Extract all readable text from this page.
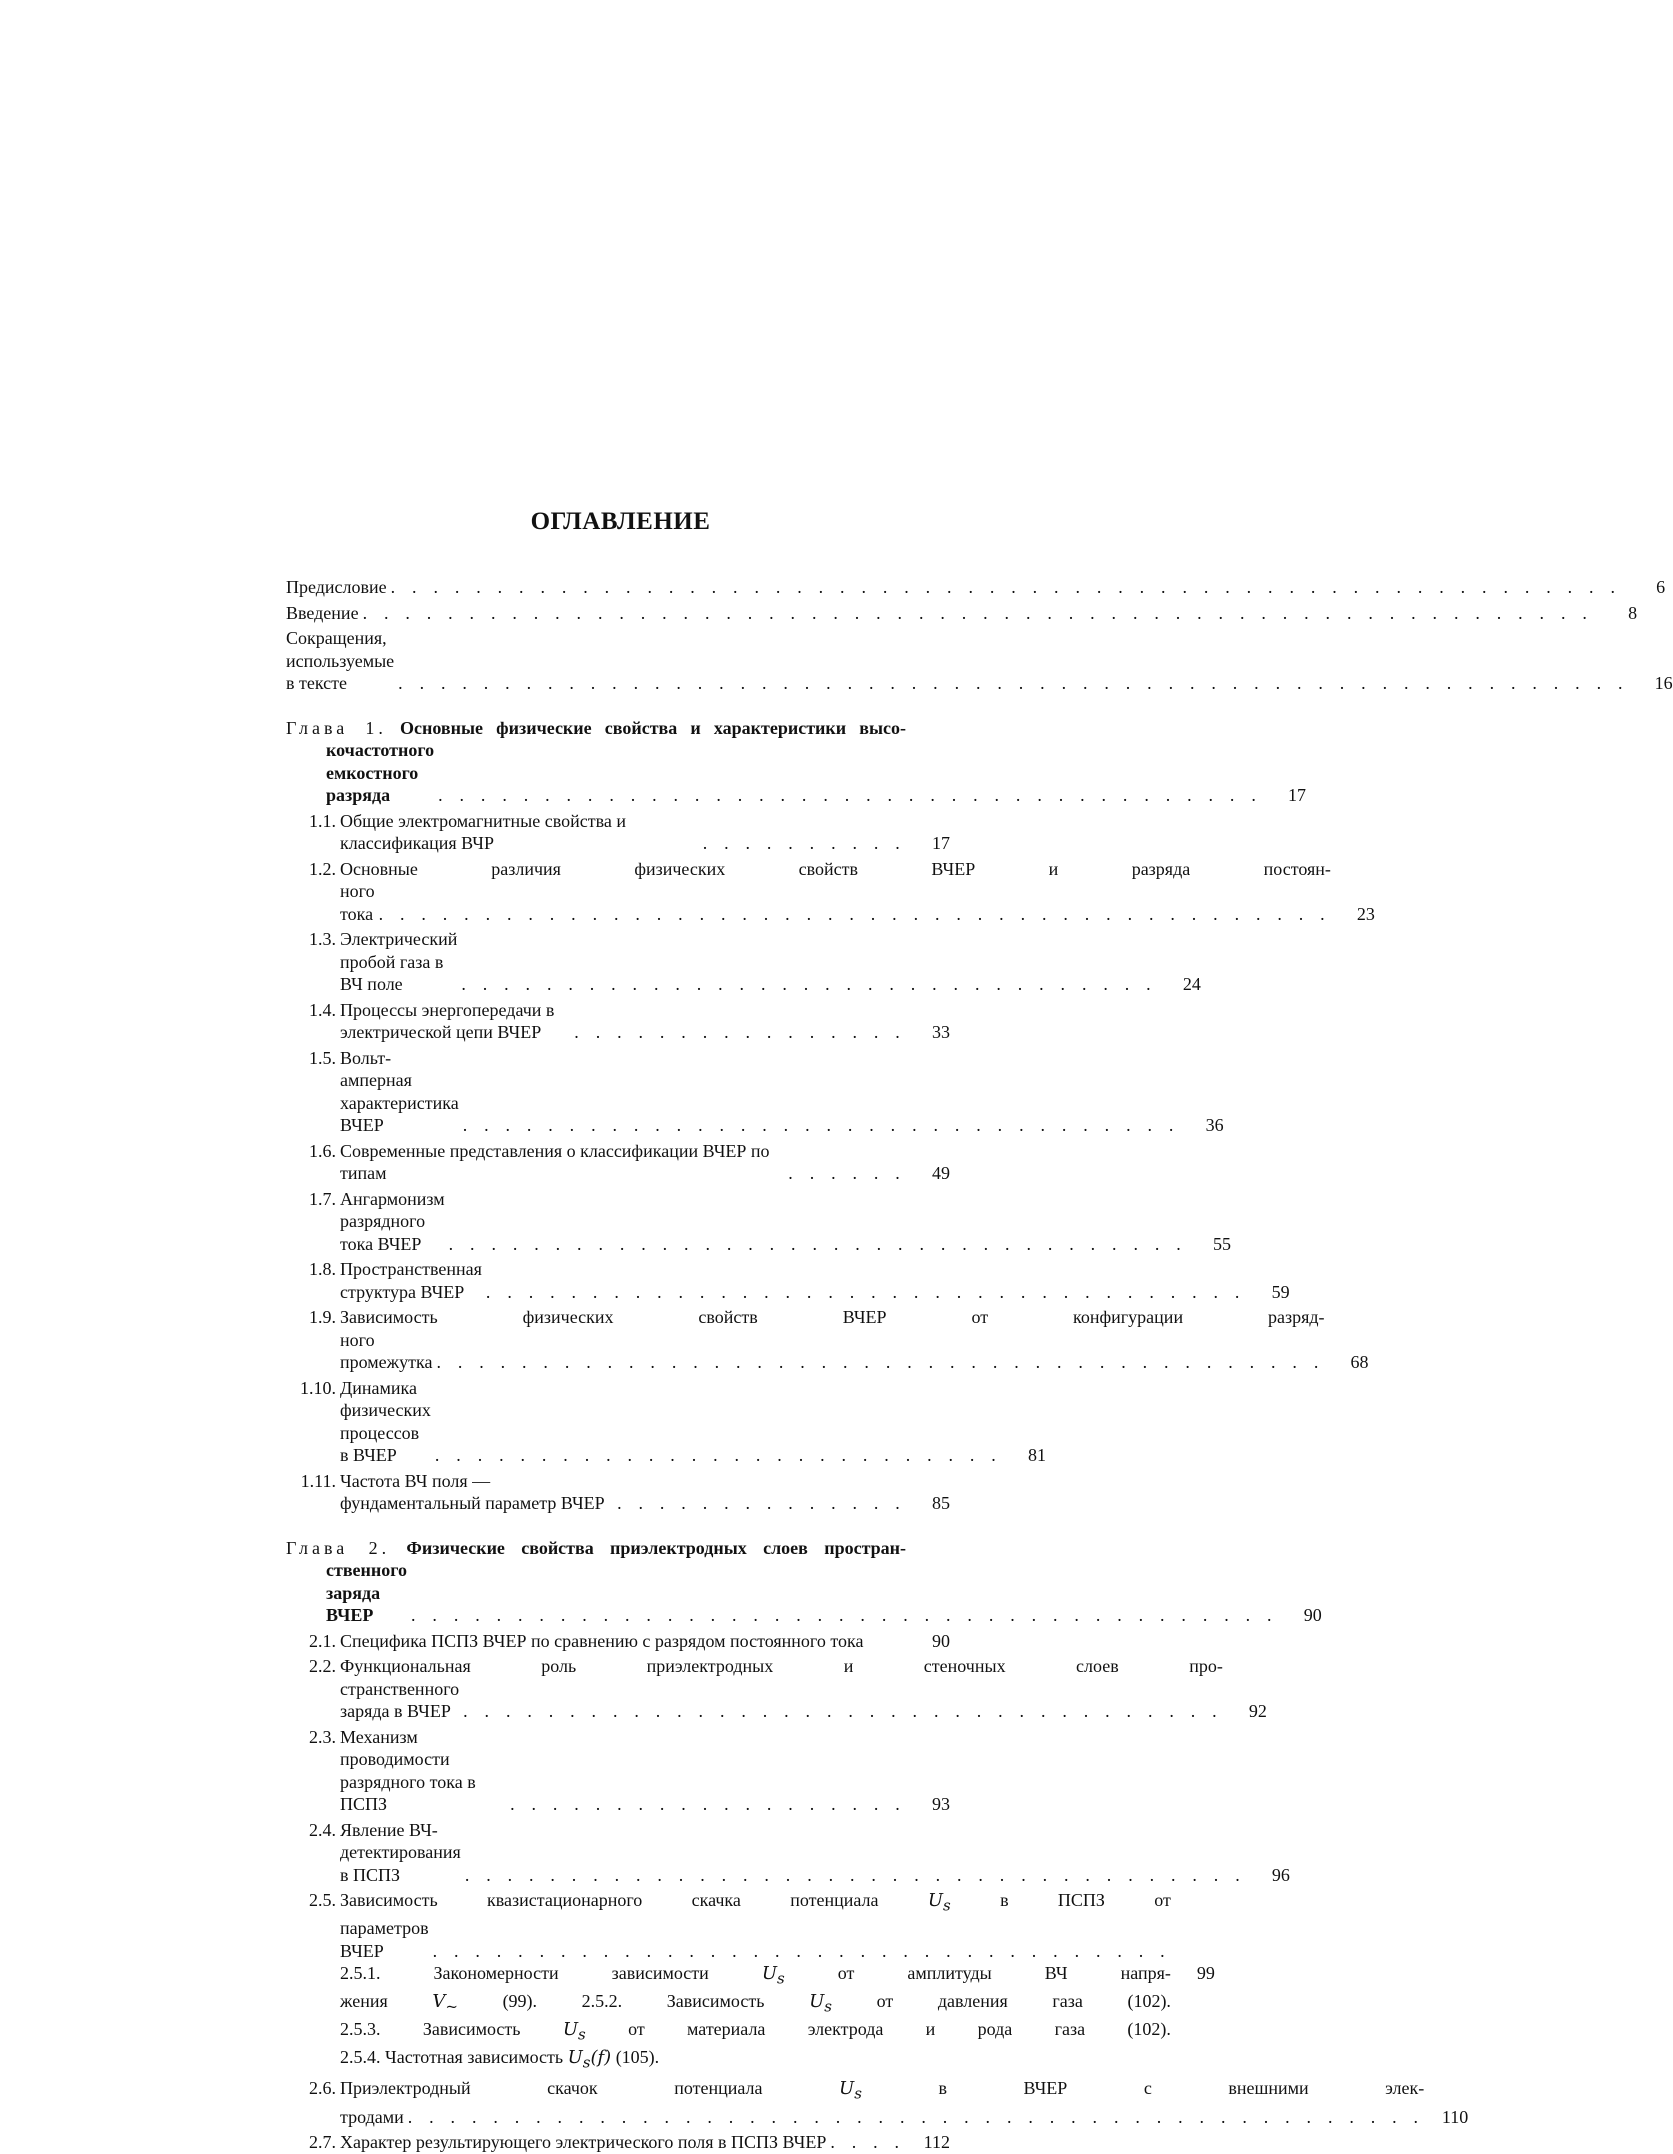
ОГЛАВЛЕНИЕ
Предисловие . . . . . . . . . . . . . . . . . . . . . . . . . . . . . . . . . . . . . . . . . . . . . . . . . . . . . . . . . .	6
Введение . . . . . . . . . . . . . . . . . . . . . . . . . . . . . . . . . . . . . . . . . . . . . . . . . . . . . . . . . .	8
Сокращения, используемые в тексте	. . . . . . . . . . . . . . . . . . . . . . . . . . . . . . . . . . . . . . . . . . . . . . . . . . . . . . . . . .	16
Глава 1. Основные физические свойства и характеристики высо-
кочастотного емкостного разряда	. . . . . . . . . . . . . . . . . . . . . . . . . . . . . . . . . . . . . . .	17
1.1. Общие электромагнитные свойства и классификация ВЧР	. . . . . . . . . .	17
1.2. Основные различия физических свойств ВЧЕР и разряда постоян-
ного тока . . . . . . . . . . . . . . . . . . . . . . . . . . . . . . . . . . . . . . . . . . . . .	23
1.3. Электрический пробой газа в ВЧ поле	. . . . . . . . . . . . . . . . . . . . . . . . . . . . . . . . .	24
1.4. Процессы энергопередачи в электрической цепи ВЧЕР	. . . . . . . . . . . . . . . .	33
1.5. Вольт-амперная характеристика ВЧЕР	. . . . . . . . . . . . . . . . . . . . . . . . . . . . . . . . . .	36
1.6. Современные представления о классификации ВЧЕР по типам	. . . . . .	49
1.7. Ангармонизм разрядного тока ВЧЕР	. . . . . . . . . . . . . . . . . . . . . . . . . . . . . . . . . . .	55
1.8. Пространственная структура ВЧЕР	. . . . . . . . . . . . . . . . . . . . . . . . . . . . . . . . . . . .	59
1.9. Зависимость физических свойств ВЧЕР от конфигурации разряд-
ного промежутка . . . . . . . . . . . . . . . . . . . . . . . . . . . . . . . . . . . . . . . . . .	68
1.10. Динамика физических процессов в ВЧЕР	. . . . . . . . . . . . . . . . . . . . . . . . . . .	81
1.11. Частота ВЧ поля — фундаментальный параметр ВЧЕР . . . . . . . . . . . . . .	85
Глава 2. Физические свойства приэлектродных слоев простран-
ственного заряда ВЧЕР	. . . . . . . . . . . . . . . . . . . . . . . . . . . . . . . . . . . . . . . . .	90
2.1. Специфика ПСПЗ ВЧЕР по сравнению с разрядом постоянного тока	90
2.2. Функциональная роль приэлектродных и стеночных слоев про-
странственного заряда в ВЧЕР . . . . . . . . . . . . . . . . . . . . . . . . . . . . . . . . . . . .	92
2.3. Механизм проводимости разрядного тока в ПСПЗ	. . . . . . . . . . . . . . . . . . .	93
2.4. Явление ВЧ-детектирования в ПСПЗ	. . . . . . . . . . . . . . . . . . . . . . . . . . . . . . . . . . . . .	96
2.5. Зависимость квазистационарного скачка потенциала	$U_s$	в ПСПЗ от
параметров ВЧЕР	. . . . . . . . . . . . . . . . . . . . . . . . . . . . . . . . . . .
2.5.1. Закономерности зависимости	$U_s$	от амплитуды ВЧ напря-	99
жения $V_\sim$ (99). 2.5.2. Зависимость $U_s$ от давления газа (102).
2.5.3. Зависимость $U_s$ от материала электрода и рода газа (102).
2.5.4. Частотная зависимость $U_s(f)$ (105).
2.6. Приэлектродный скачок потенциала	$U_s$	в ВЧЕР с внешними элек-
тродами . . . . . . . . . . . . . . . . . . . . . . . . . . . . . . . . . . . . . . . . . . . . . . . . 110
2.7. Характер результирующего электрического поля в ПСПЗ ВЧЕР . . . .	112
